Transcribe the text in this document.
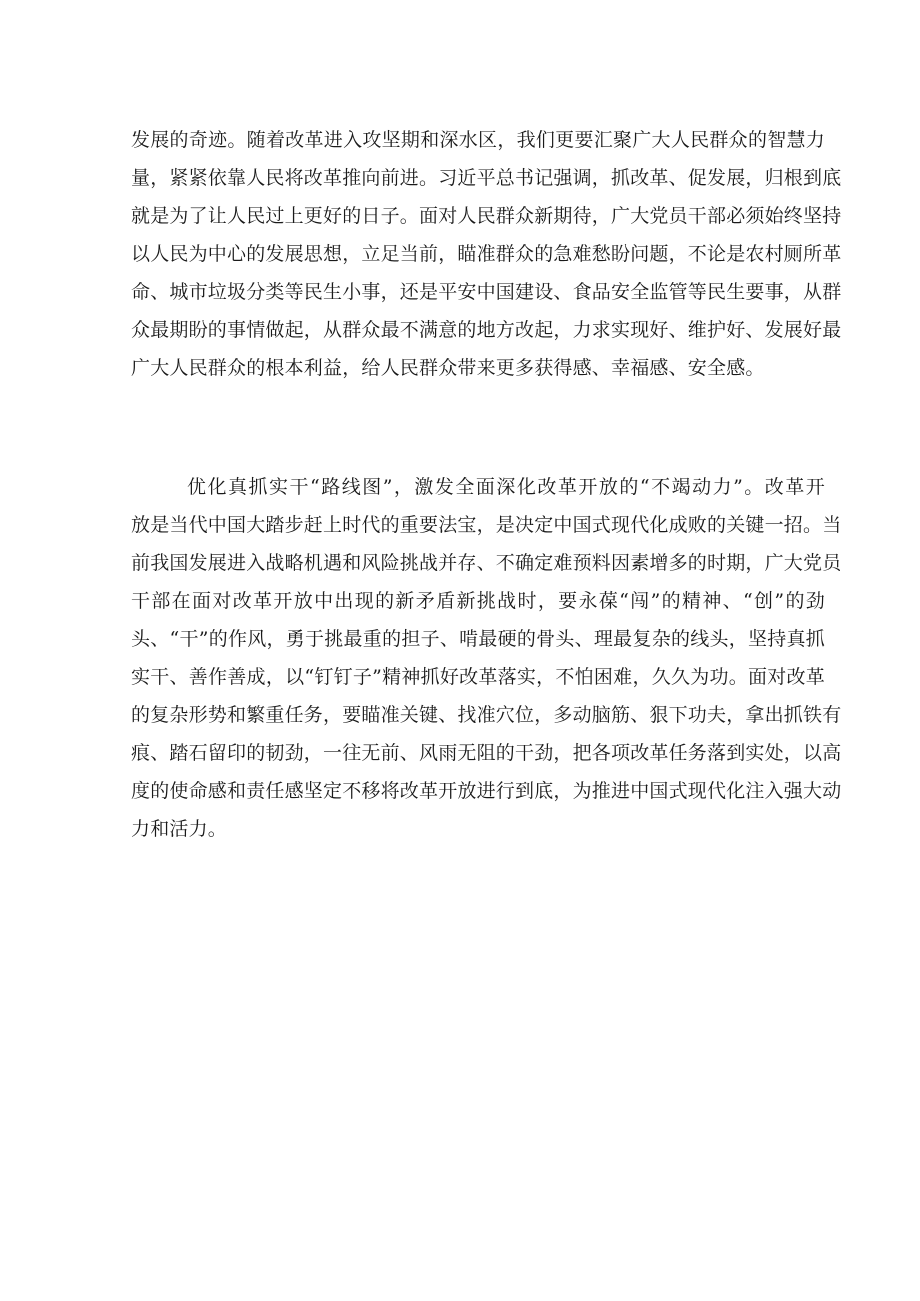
发展的奇迹。随着改革进入攻坚期和深水区，我们更要汇聚广大人民群众的智慧力
量，紧紧依靠人民将改革推向前进。习近平总书记强调，抓改革、促发展，归根到底
就是为了让人民过上更好的日子。面对人民群众新期待，广大党员干部必须始终坚持
以人民为中心的发展思想，立足当前，瞄准群众的急难愁盼问题，不论是农村厕所革
命、城市垃圾分类等民生小事，还是平安中国建设、食品安全监管等民生要事，从群
众最期盼的事情做起，从群众最不满意的地方改起，力求实现好、维护好、发展好最
广大人民群众的根本利益，给人民群众带来更多获得感、幸福感、安全感。
优化真抓实干“路线图”，激发全面深化改革开放的“不竭动力”。改革开
放是当代中国大踏步赶上时代的重要法宝，是决定中国式现代化成败的关键一招。当
前我国发展进入战略机遇和风险挑战并存、不确定难预料因素增多的时期，广大党员
干部在面对改革开放中出现的新矛盾新挑战时，要永葆“闯”的精神、“创”的劲
头、“干”的作风，勇于挑最重的担子、啃最硬的骨头、理最复杂的线头，坚持真抓
实干、善作善成，以“钉钉子”精神抓好改革落实，不怕困难，久久为功。面对改革
的复杂形势和繁重任务，要瞄准关键、找准穴位，多动脑筋、狠下功夫，拿出抓铁有
痕、踏石留印的韧劲，一往无前、风雨无阻的干劲，把各项改革任务落到实处，以高
度的使命感和责任感坚定不移将改革开放进行到底，为推进中国式现代化注入强大动
力和活力。
